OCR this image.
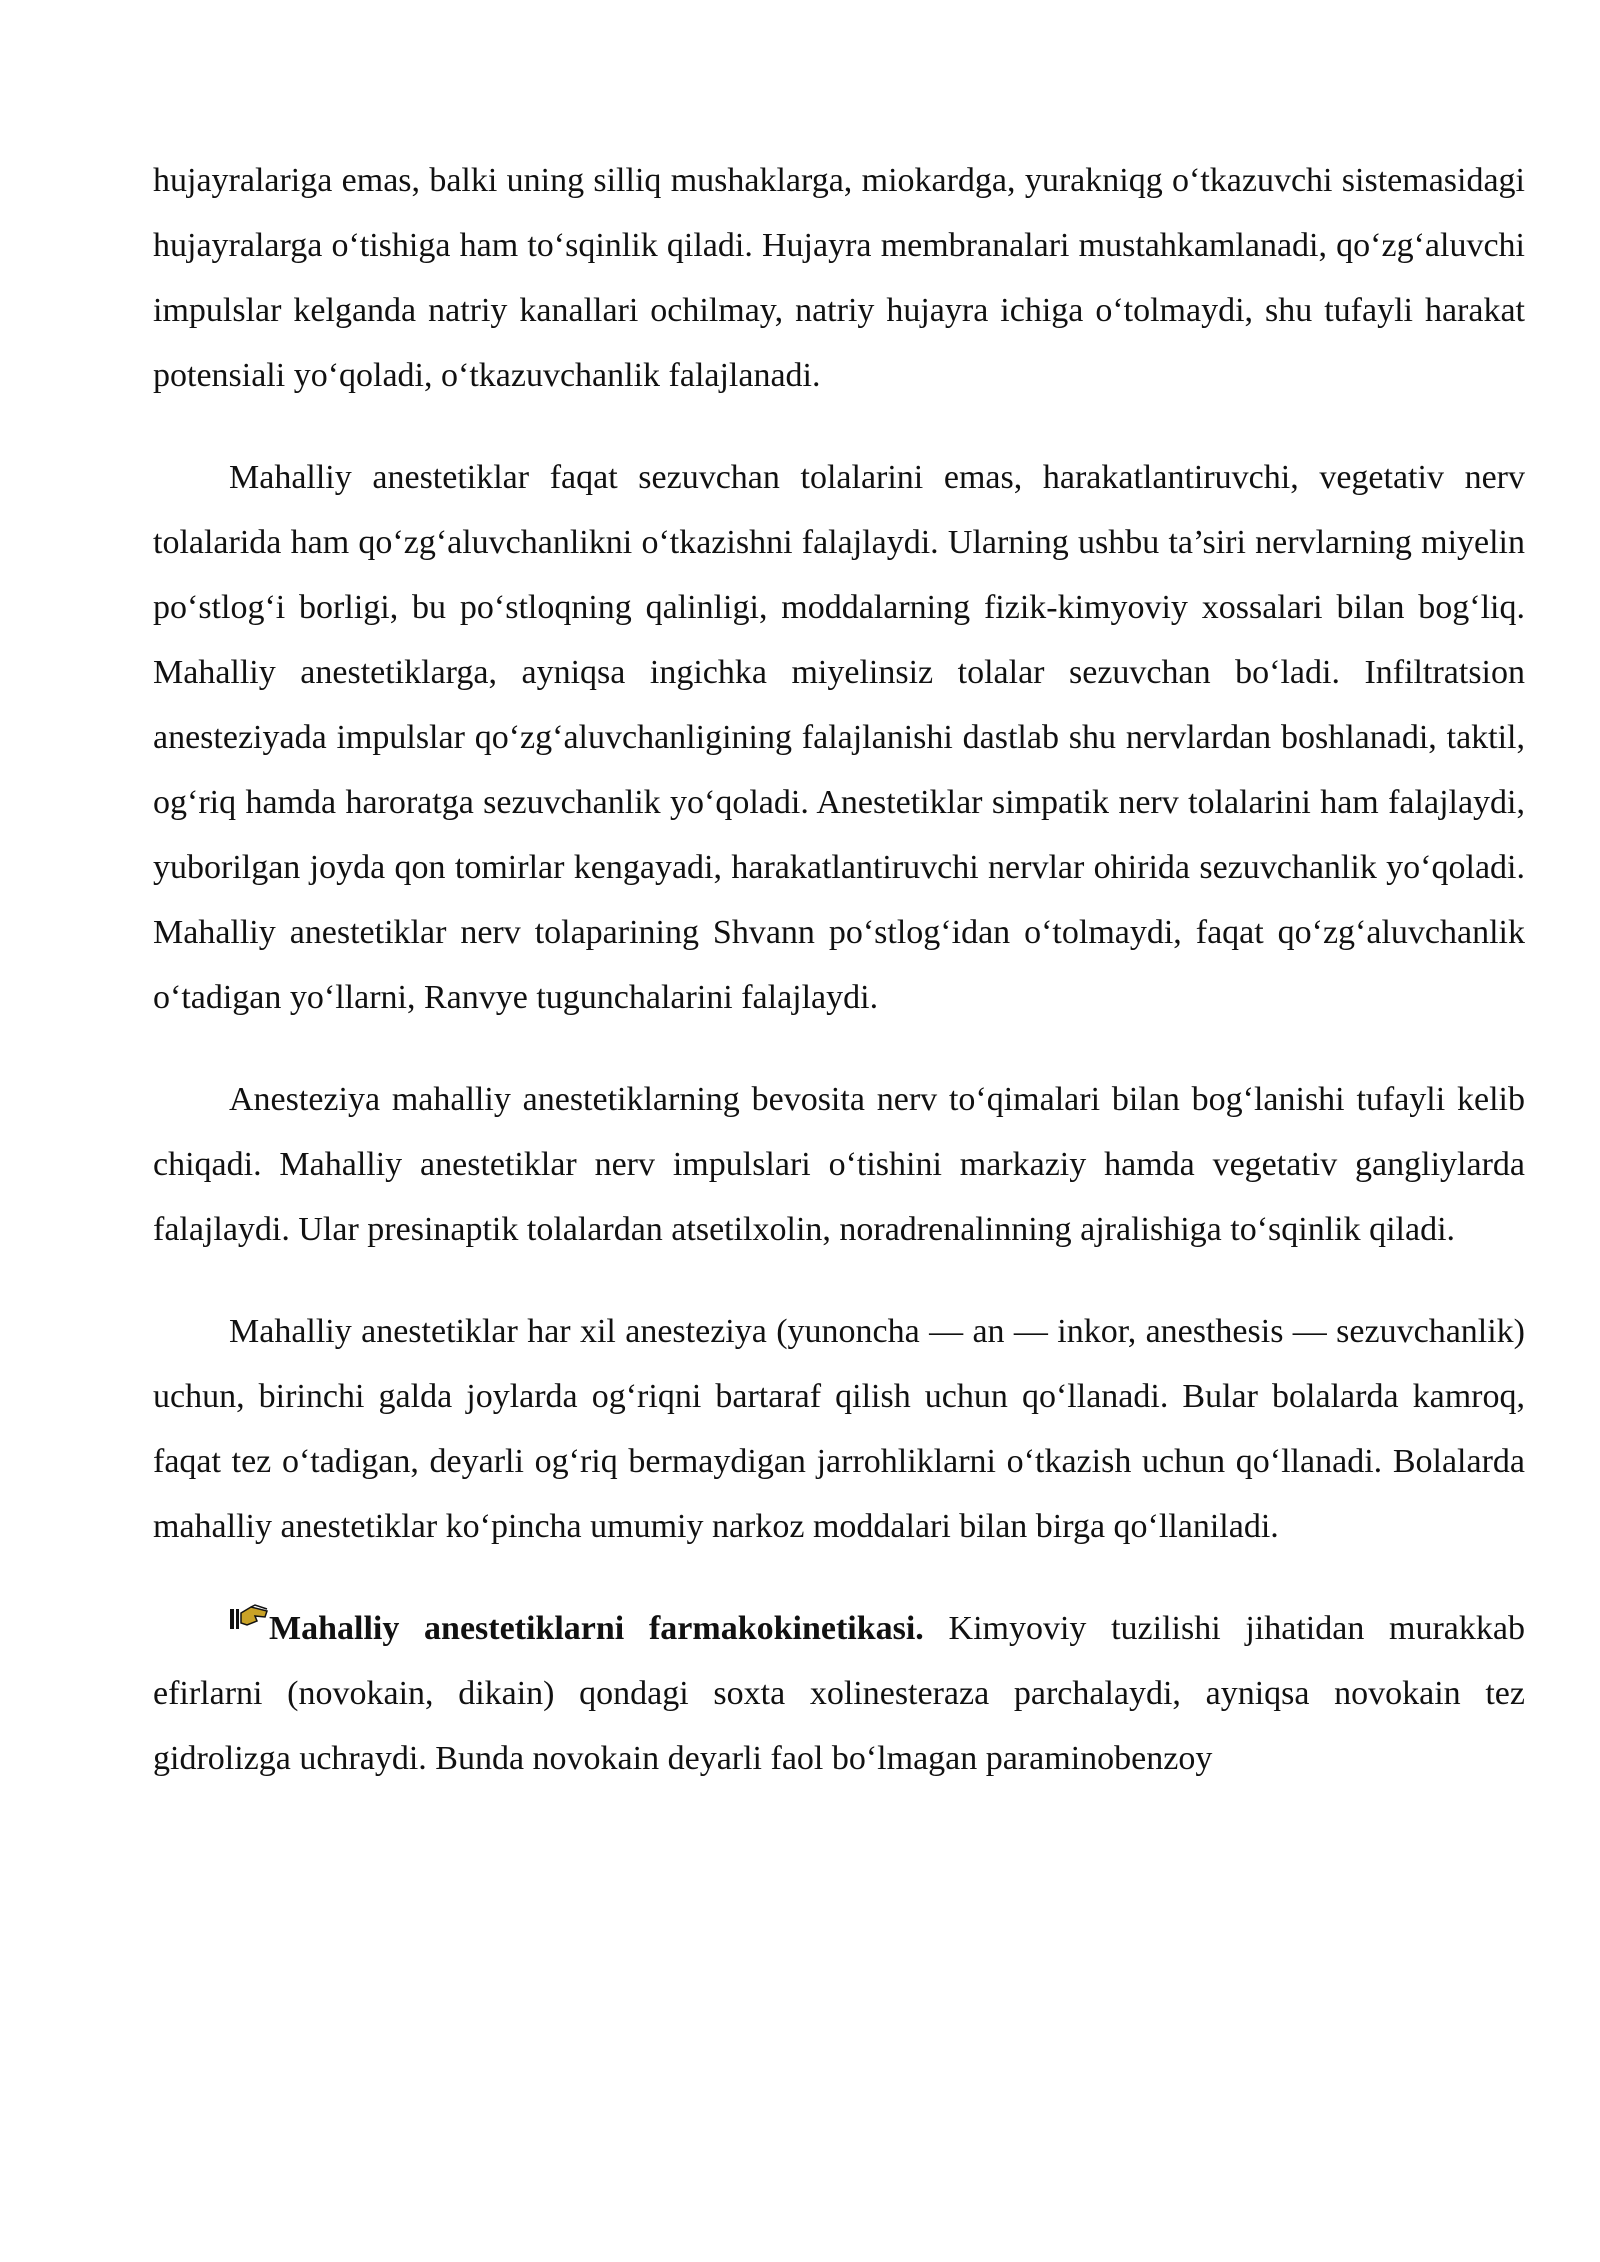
hujayralariga emas, balki uning silliq mushaklarga, miokardga, yurakniqg o‘tkazuvchi sistemasidagi hujayralarga o‘tishiga ham to‘sqinlik qiladi. Hujayra membranalari mustahkamlanadi, qo‘zg‘aluvchi impulslar kelganda natriy kanallari ochilmay, natriy hujayra ichiga o‘tolmaydi, shu tufayli harakat potensiali yo‘qoladi, o‘tkazuvchanlik falajlanadi.

Mahalliy anestetiklar faqat sezuvchan tolalarini emas, harakatlantiruvchi, vegetativ nerv tolalarida ham qo‘zg‘aluvchanlikni o‘tkazishni falajlaydi. Ularning ushbu ta’siri nervlarning miyelin po‘stlog‘i borligi, bu po‘stloqning qalinligi, moddalarning fizik-kimyoviy xossalari bilan bog‘liq. Mahalliy anestetiklarga, ayniqsa ingichka miyelinsiz tolalar sezuvchan bo‘ladi. Infiltratsion anesteziyada impulslar qo‘zg‘aluvchanligining falajlanishi dastlab shu nervlardan boshlanadi, taktil, og‘riq hamda haroratga sezuvchanlik yo‘qoladi. Anestetiklar simpatik nerv tolalarini ham falajlaydi, yuborilgan joyda qon tomirlar kengayadi, harakatlantiruvchi nervlar ohirida sezuvchanlik yo‘qoladi. Mahalliy anestetiklar nerv tolaparining Shvann po‘stlog‘idan o‘tolmaydi, faqat qo‘zg‘aluvchanlik o‘tadigan yo‘llarni, Ranvye tugunchalarini falajlaydi.

Anesteziya mahalliy anestetiklarning bevosita nerv to‘qimalari bilan bog‘lanishi tufayli kelib chiqadi. Mahalliy anestetiklar nerv impulslari o‘tishini markaziy hamda vegetativ gangliylarda falajlaydi. Ular presinaptik tolalardan atsetilxolin, noradrenalinning ajralishiga to‘sqinlik qiladi.

Mahalliy anestetiklar har xil anesteziya (yunoncha — an — inkor, anesthesis — sezuvchanlik) uchun, birinchi galda joylarda og‘riqni bartaraf qilish uchun qo‘llanadi. Bular bolalarda kamroq, faqat tez o‘tadigan, deyarli og‘riq bermaydigan jarrohliklarni o‘tkazish uchun qo‘llanadi. Bolalarda mahalliy anestetiklar ko‘pincha umumiy narkoz moddalari bilan birga qo‘llaniladi.

Mahalliy anestetiklarni farmakokinetikasi. Kimyoviy tuzilishi jihatidan murakkab efirlarni (novokain, dikain) qondagi soxta xolinesteraza parchalaydi, ayniqsa novokain tez gidrolizga uchraydi. Bunda novokain deyarli faol bo‘lmagan paraminobenzoy
